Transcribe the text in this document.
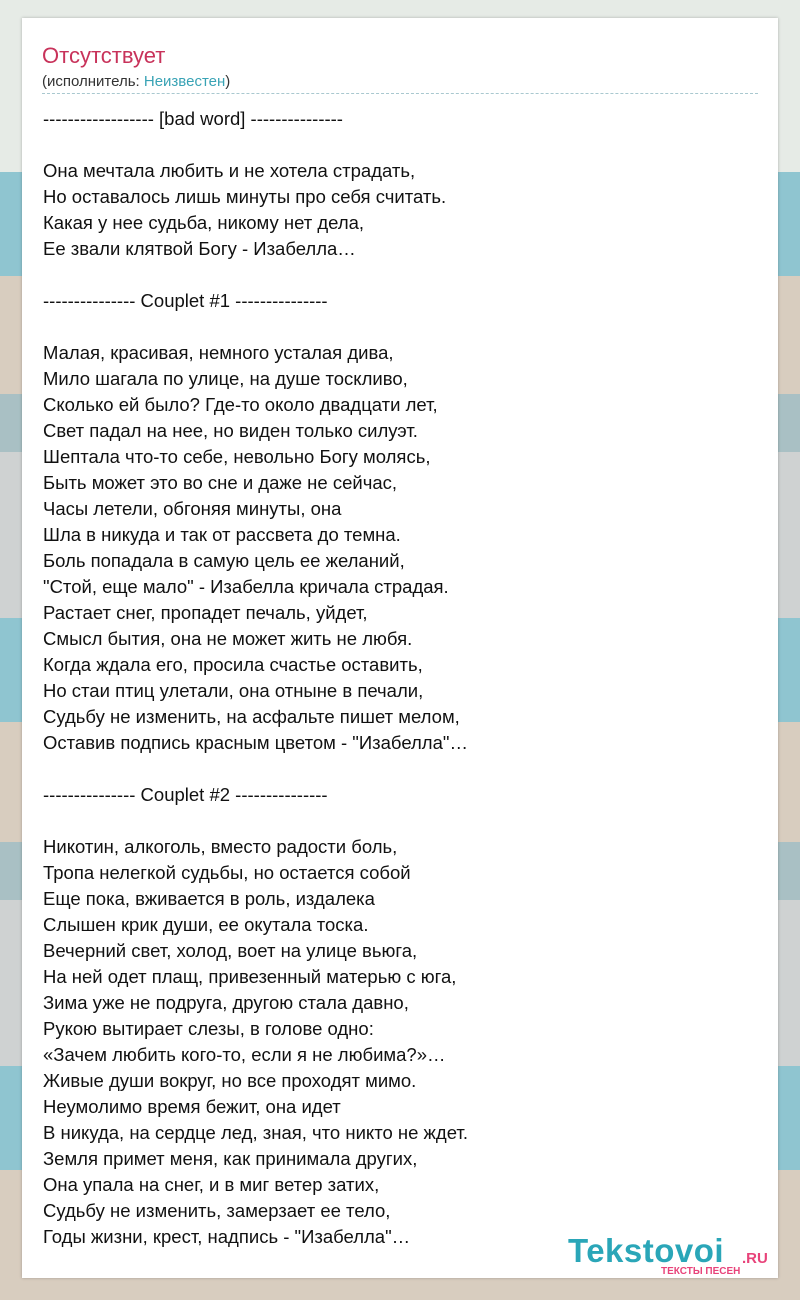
Отсутствует
(исполнитель: Неизвестен)
------------------ [bad word] ---------------
Она мечтала любить и не хотела страдать,
Но оставалось лишь минуты про себя считать.
Какая у нее судьба, никому нет дела,
Ее звали клятвой Богу - Изабелла…
--------------- Couplet #1 ---------------
Малая, красивая, немного усталая дива,
Мило шагала по улице, на душе тоскливо,
Сколько ей было? Где-то около двадцати лет,
Свет падал на нее, но виден только силуэт.
Шептала что-то себе, невольно Богу молясь,
Быть может это во сне и даже не сейчас,
Часы летели, обгоняя минуты, она
Шла в никуда и так от рассвета до темна.
Боль попадала в самую цель ее желаний,
"Стой, еще мало" - Изабелла кричала страдая.
Растает снег, пропадет печаль, уйдет,
Смысл бытия, она не может жить не любя.
Когда ждала его, просила счастье оставить,
Но стаи птиц улетали, она отныне в печали,
Судьбу не изменить, на асфальте пишет мелом,
Оставив подпись красным цветом - "Изабелла"…
--------------- Couplet #2 ---------------
Никотин, алкоголь, вместо радости боль,
Тропа нелегкой судьбы, но остается собой
Еще пока, вживается в роль, издалека
Слышен крик души, ее окутала тоска.
Вечерний свет, холод, воет на улице вьюга,
На ней одет плащ, привезенный матерью с юга,
Зима уже не подруга, другою стала давно,
Рукою вытирает слезы, в голове одно:
«Зачем любить кого-то, если я не любима?»…
Живые души вокруг, но все проходят мимо.
Неумолимо время бежит, она идет
В никуда, на сердце лед, зная, что никто не ждет.
Земля примет меня, как принимала других,
Она упала на снег, и в миг ветер затих,
Судьбу не изменить, замерзает ее тело,
Годы жизни, крест, надпись - "Изабелла"…	Tekstovoi .RU
ТЕКСТЫ ПЕСЕН
